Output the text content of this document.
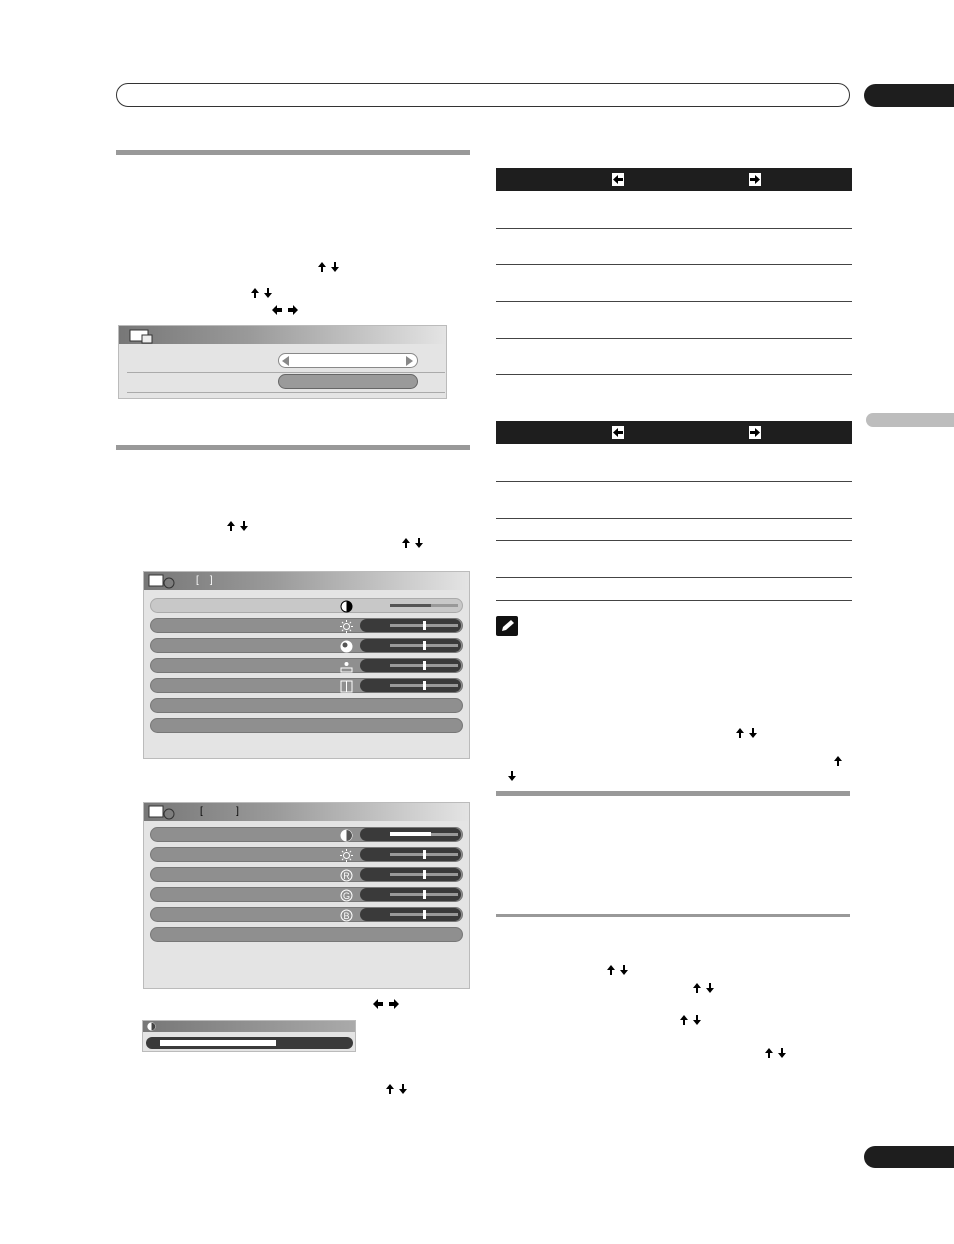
[    ]
[            ]
R
G
B
